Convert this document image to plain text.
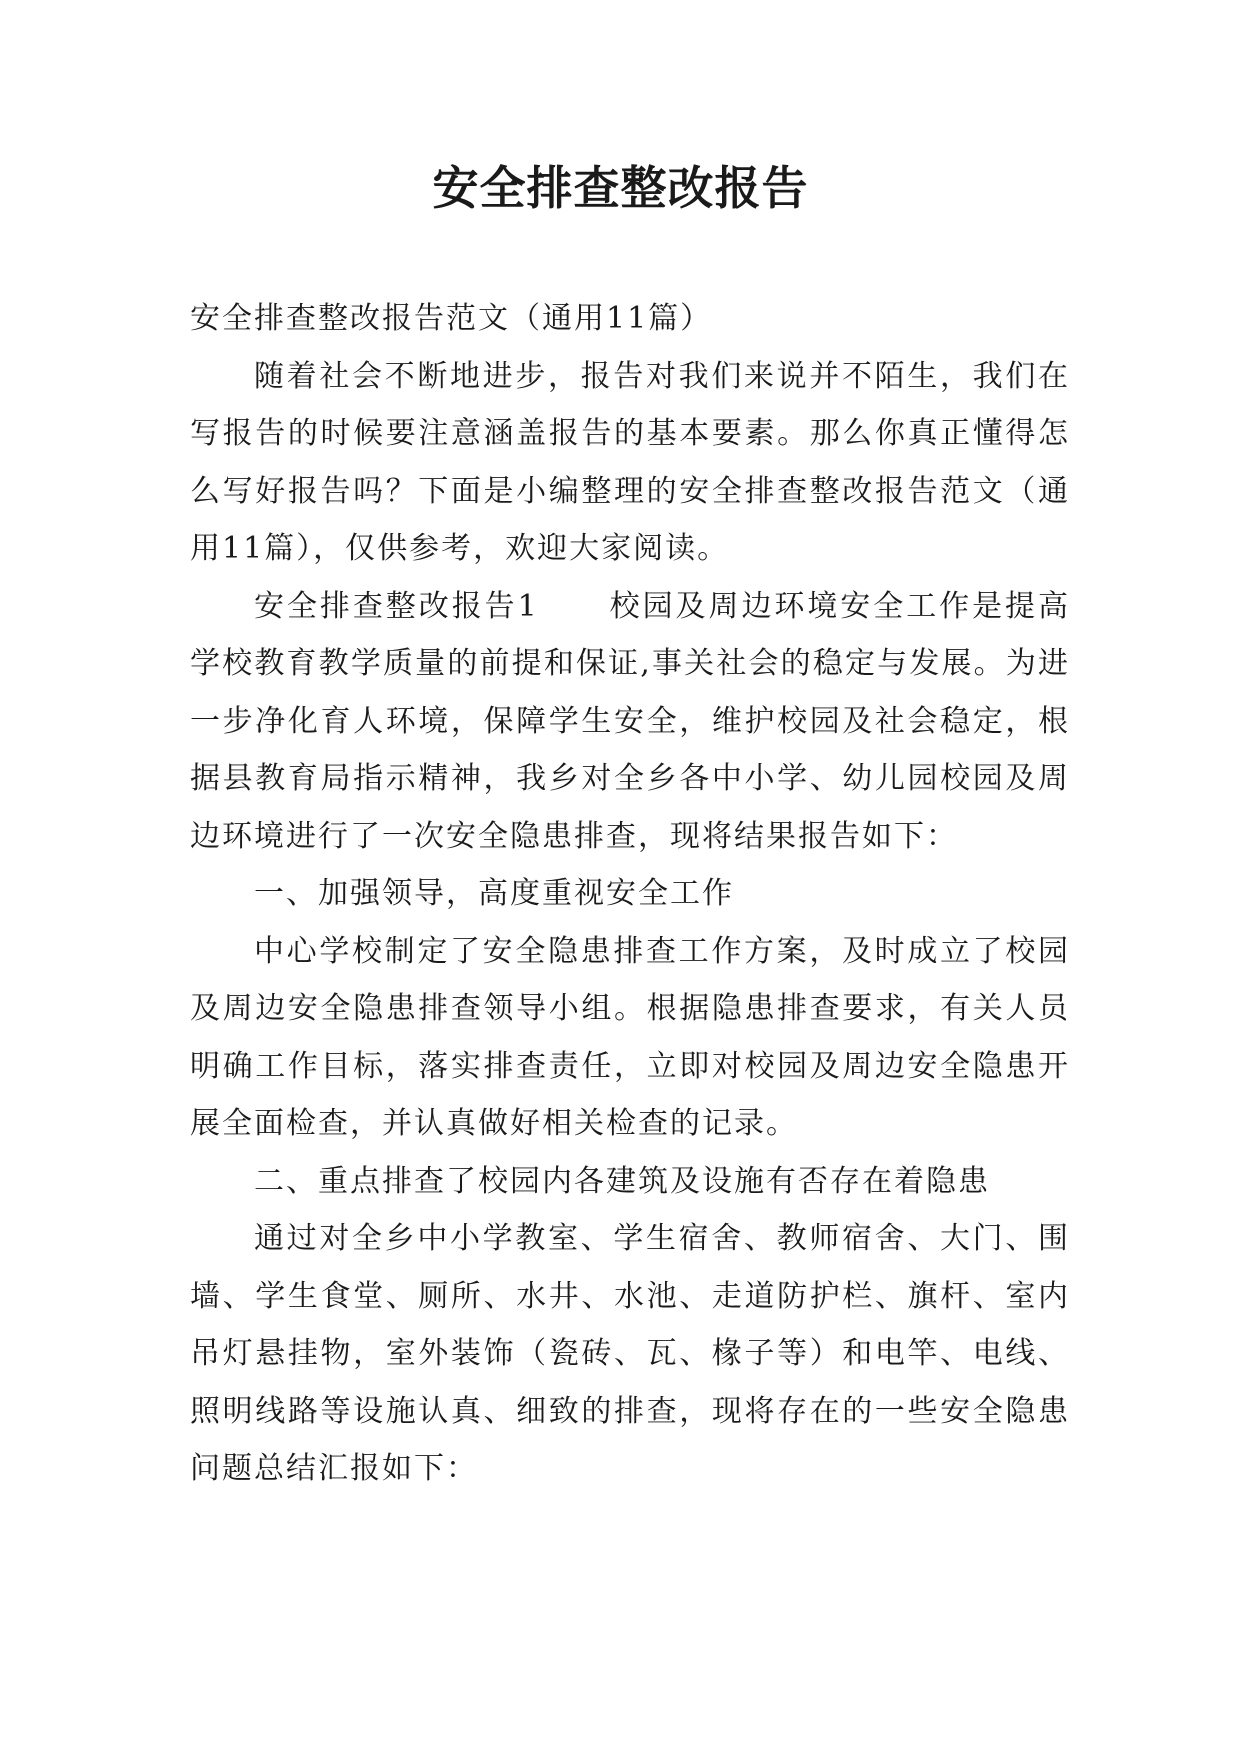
安全排查整改报告

安全排查整改报告范文（通用11篇）

随着社会不断地进步，报告对我们来说并不陌生，我们在写报告的时候要注意涵盖报告的基本要素。那么你真正懂得怎么写好报告吗？下面是小编整理的安全排查整改报告范文（通用11篇），仅供参考，欢迎大家阅读。

安全排查整改报告1 校园及周边环境安全工作是提高学校教育教学质量的前提和保证,事关社会的稳定与发展。为进一步净化育人环境，保障学生安全，维护校园及社会稳定，根据县教育局指示精神，我乡对全乡各中小学、幼儿园校园及周边环境进行了一次安全隐患排查，现将结果报告如下：

一、加强领导，高度重视安全工作

中心学校制定了安全隐患排查工作方案，及时成立了校园及周边安全隐患排查领导小组。根据隐患排查要求，有关人员明确工作目标，落实排查责任，立即对校园及周边安全隐患开展全面检查，并认真做好相关检查的记录。

二、重点排查了校园内各建筑及设施有否存在着隐患

通过对全乡中小学教室、学生宿舍、教师宿舍、大门、围墙、学生食堂、厕所、水井、水池、走道防护栏、旗杆、室内吊灯悬挂物，室外装饰（瓷砖、瓦、椽子等）和电竿、电线、照明线路等设施认真、细致的排查，现将存在的一些安全隐患问题总结汇报如下：
